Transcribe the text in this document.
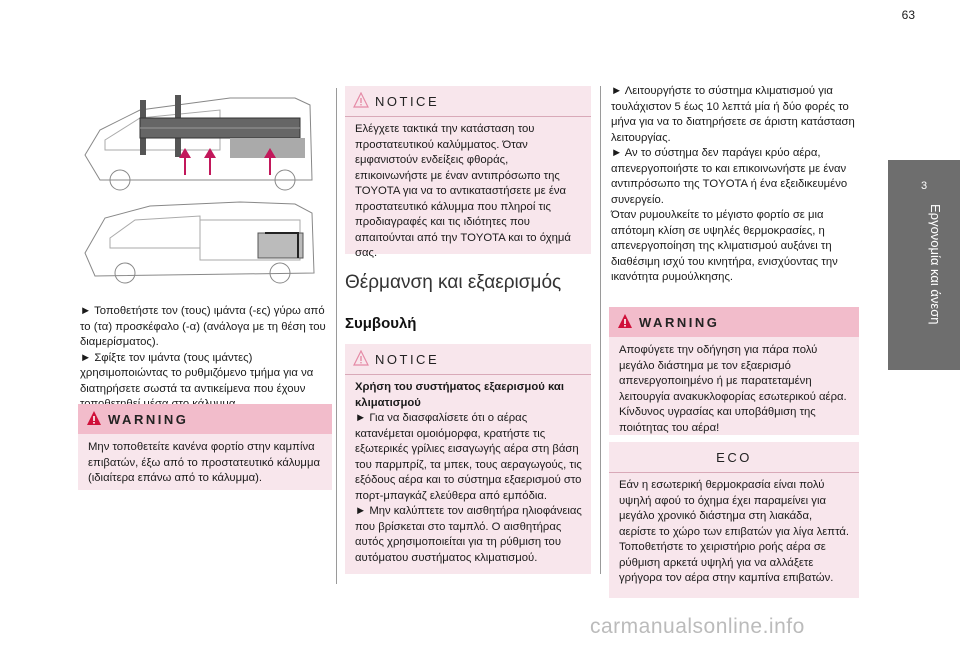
63
3
Εργονομία και άνεση

► Τοποθετήστε τον (τους) ιμάντα (-ες) γύρω από το (τα) προσκέφαλο (-α) (ανάλογα με τη θέση του διαμερίσματος).

► Σφίξτε τον ιμάντα (τους ιμάντες) χρησιμοποιώντας το ρυθμιζόμενο τμήμα για να διατηρήσετε σωστά τα αντικείμενα που έχουν

WARNING
Μην τοποθετείτε κανένα φορτίο στην καμπίνα επιβατών, έξω από το προστατευτικό κάλυμμα (ιδιαίτερα επάνω από το κάλυμμα).
NOTICE
Ελέγχετε τακτικά την κατάσταση του προστατευτικού καλύμματος. Όταν εμφανιστούν ενδείξεις φθοράς, επικοινωνήστε με έναν αντιπρόσωπο της TOYOTA για να το αντικαταστήσετε με ένα προστατευτικό κάλυμμα που πληροί τις προδιαγραφές και τις ιδιότητες που απαιτούνται από την TOYOTA και το όχημά σας.
Θέρμανση και εξαερισμός
Συμβουλή
NOTICE
Χρήση του συστήματος εξαερισμού και κλιματισμού
► Για να διασφαλίσετε ότι ο αέρας κατανέμεται ομοιόμορφα, κρατήστε τις εξωτερικές γρίλιες εισαγωγής αέρα στη βάση του παρμπρίζ, τα μπεκ, τους αεραγωγούς, τις εξόδους αέρα και το σύστημα εξαερισμού στο πορτ-μπαγκάζ ελεύθερα από εμπόδια.
► Μην καλύπτετε τον αισθητήρα ηλιοφάνειας που βρίσκεται στο ταμπλό. Ο αισθητήρας αυτός χρησιμοποιείται για τη ρύθμιση του αυτόματου συστήματος κλιματισμού.
► Λειτουργήστε το σύστημα κλιματισμού για τουλάχιστον 5 έως 10 λεπτά μία ή δύο φορές το μήνα για να το διατηρήσετε σε άριστη κατάσταση λειτουργίας.
► Αν το σύστημα δεν παράγει κρύο αέρα, απενεργοποιήστε το και επικοινωνήστε με έναν αντιπρόσωπο της TOYOTA ή ένα εξειδικευμένο συνεργείο.
Όταν ρυμουλκείτε το μέγιστο φορτίο σε μια απότομη κλίση σε υψηλές θερμοκρασίες, η απενεργοποίηση της κλιματισμού αυξάνει τη διαθέσιμη ισχύ του κινητήρα, ενισχύοντας την ικανότητα ρυμούλκησης.
WARNING
Αποφύγετε την οδήγηση για πάρα πολύ μεγάλο διάστημα με τον εξαερισμό απενεργοποιημένο ή με παρατεταμένη λειτουργία ανακυκλοφορίας εσωτερικού αέρα. Κίνδυνος υγρασίας και υποβάθμιση της ποιότητας του αέρα!
ECO
Εάν η εσωτερική θερμοκρασία είναι πολύ υψηλή αφού το όχημα έχει παραμείνει για μεγάλο χρονικό διάστημα στη λιακάδα, αερίστε το χώρο των επιβατών για λίγα λεπτά.
Τοποθετήστε το χειριστήριο ροής αέρα σε ρύθμιση αρκετά υψηλή για να αλλάξετε γρήγορα τον αέρα στην καμπίνα επιβατών.
carmanualsonline.info
